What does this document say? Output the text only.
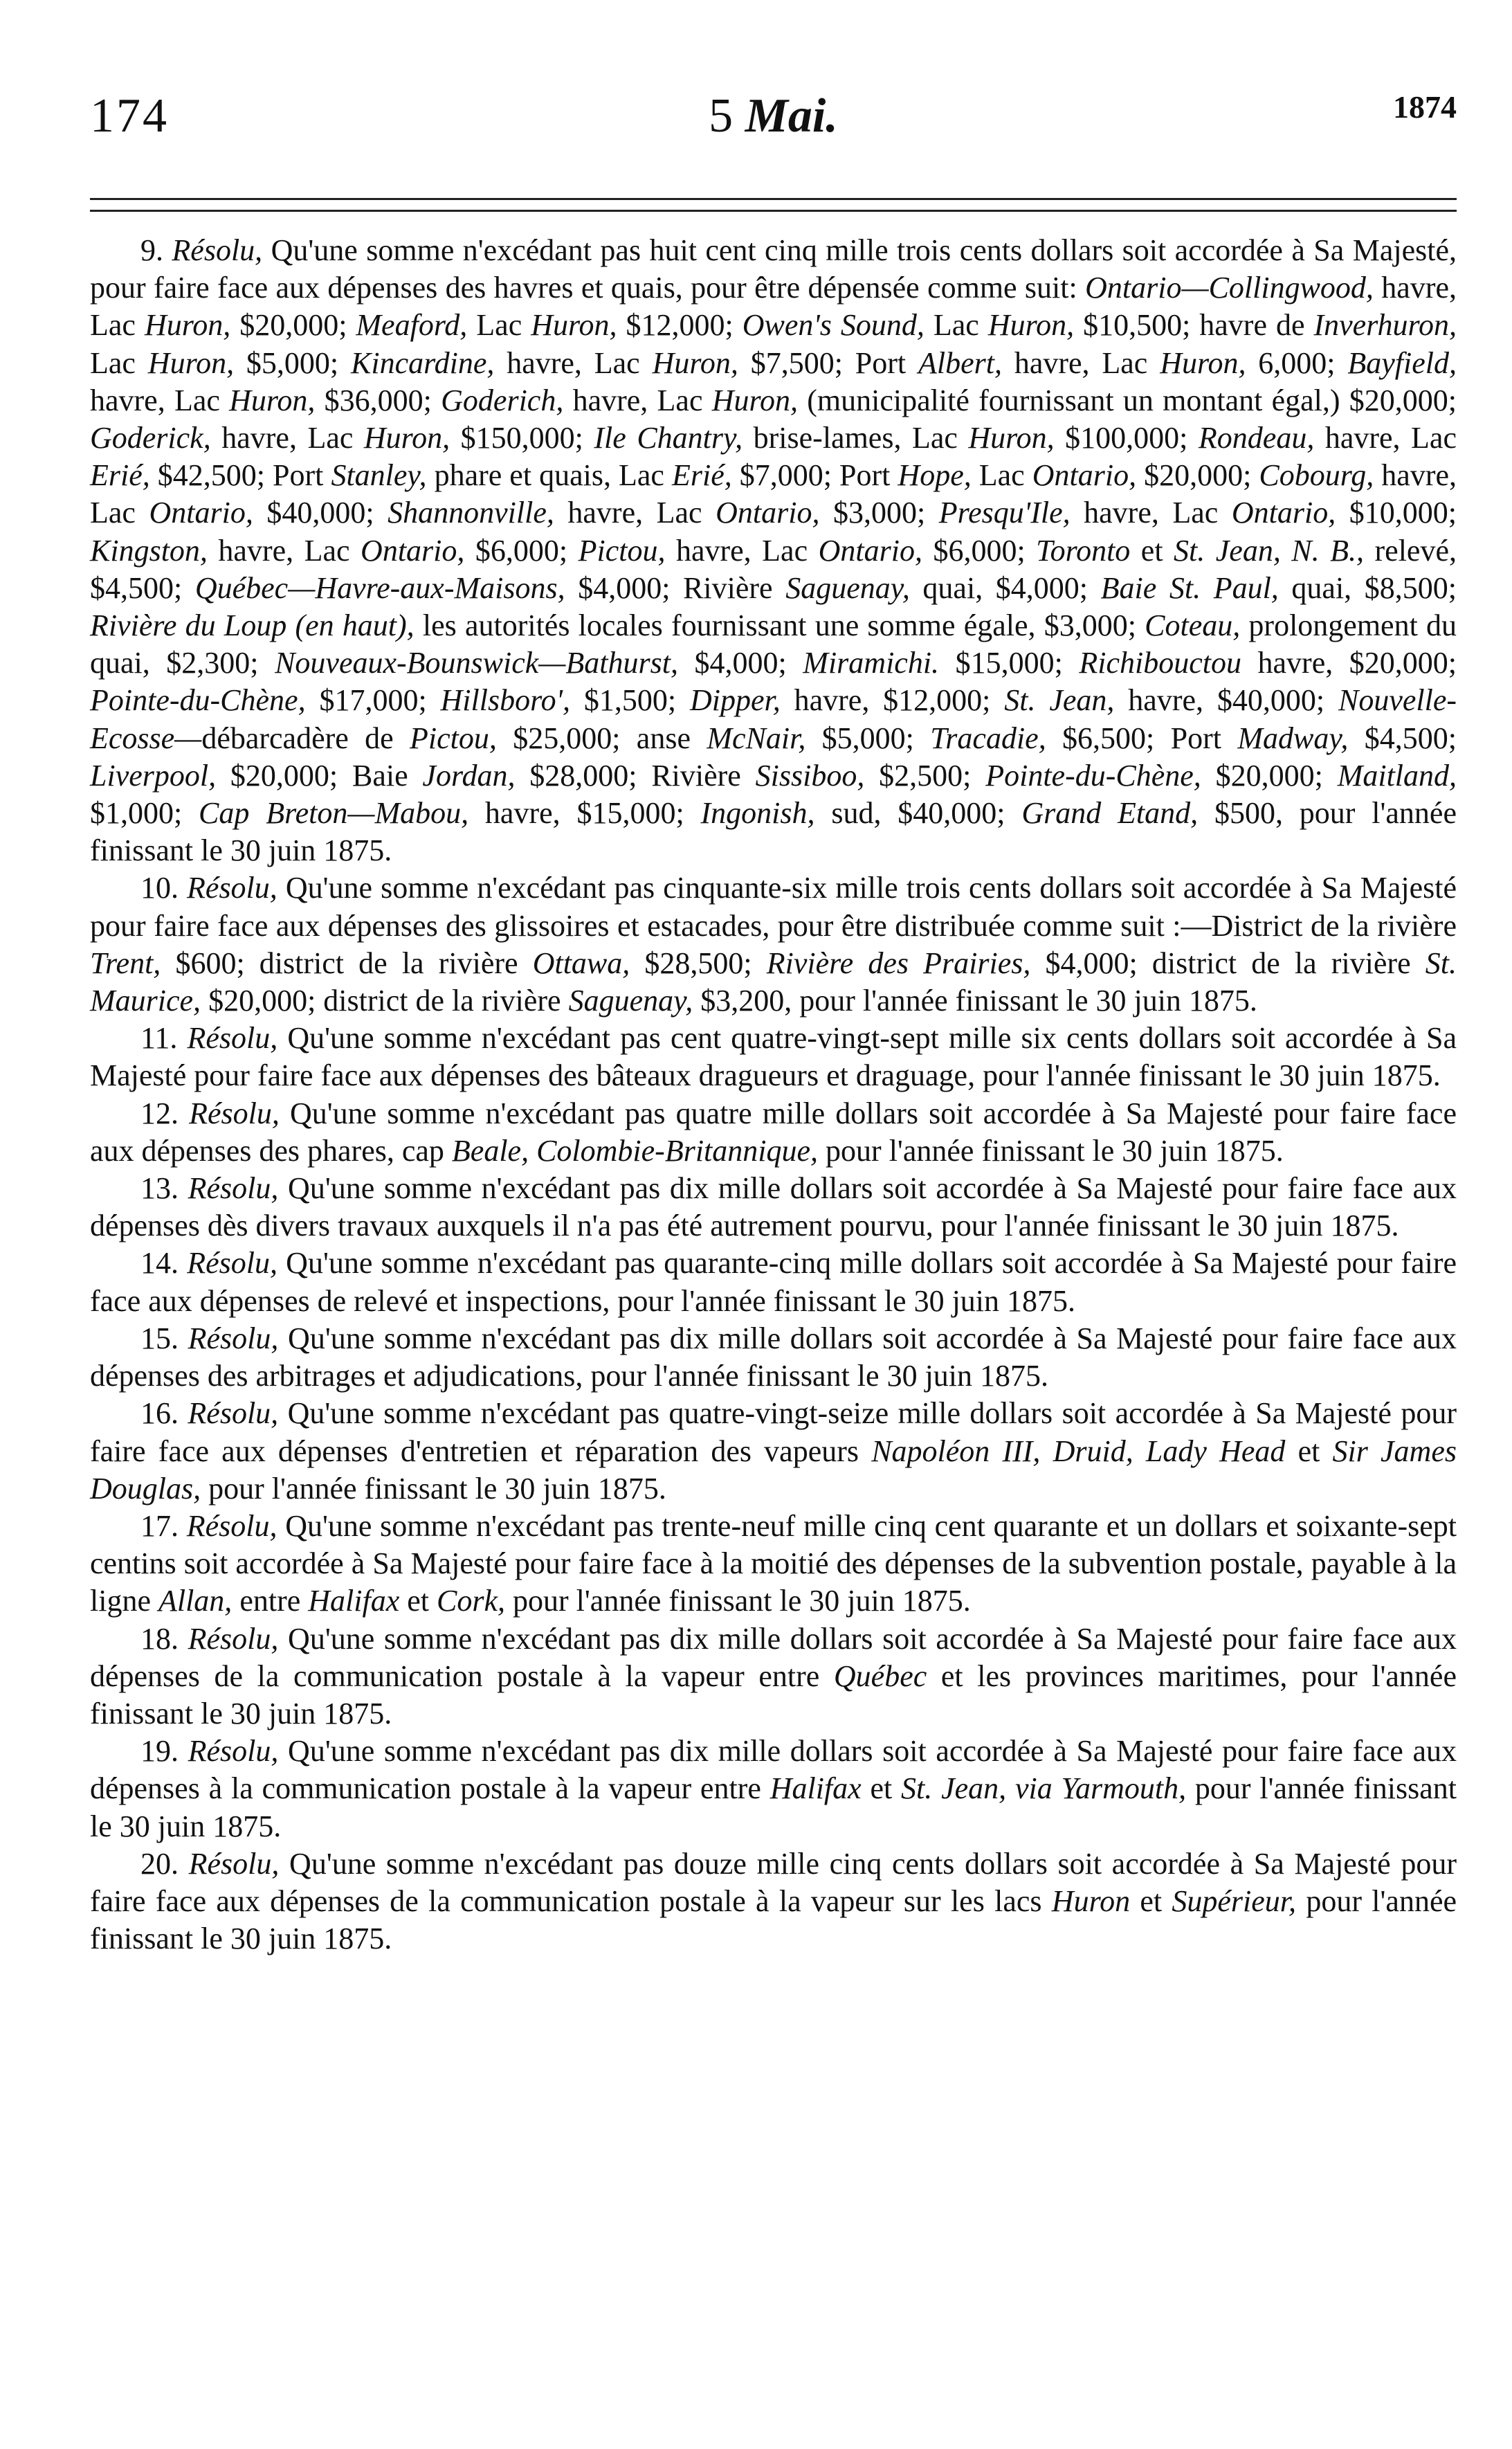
174	5 Mai.	1874

9. Résolu, Qu'une somme n'excédant pas huit cent cinq mille trois cents dollars soit accordée à Sa Majesté, pour faire face aux dépenses des havres et quais, pour être dépensée comme suit: Ontario—Collingwood, havre, Lac Huron, $20,000; Meaford, Lac Huron, $12,000; Owen's Sound, Lac Huron, $10,500; havre de Inverhuron, Lac Huron, $5,000; Kincardine, havre, Lac Huron, $7,500; Port Albert, havre, Lac Huron, 6,000; Bayfield, havre, Lac Huron, $36,000; Goderich, havre, Lac Huron, (municipalité fournissant un montant égal,) $20,000; Goderick, havre, Lac Huron, $150,000; Ile Chantry, brise-lames, Lac Huron, $100,000; Rondeau, havre, Lac Erié, $42,500; Port Stanley, phare et quais, Lac Erié, $7,000; Port Hope, Lac Ontario, $20,000; Cobourg, havre, Lac Ontario, $40,000; Shannonville, havre, Lac Ontario, $3,000; Presqu'Ile, havre, Lac Ontario, $10,000; Kingston, havre, Lac Ontario, $6,000; Pictou, havre, Lac Ontario, $6,000; Toronto et St. Jean, N. B., relevé, $4,500; Québec—Havre-aux-Maisons, $4,000; Rivière Saguenay, quai, $4,000; Baie St. Paul, quai, $8,500; Rivière du Loup (en haut), les autorités locales fournissant une somme égale, $3,000; Coteau, prolongement du quai, $2,300; Nouveaux-Bounswick—Bathurst, $4,000; Miramichi. $15,000; Richibouctou havre, $20,000; Pointe-du-Chène, $17,000; Hillsboro', $1,500; Dipper, havre, $12,000; St. Jean, havre, $40,000; Nouvelle-Ecosse—débarcadère de Pictou, $25,000; anse McNair, $5,000; Tracadie, $6,500; Port Madway, $4,500; Liverpool, $20,000; Baie Jordan, $28,000; Rivière Sissiboo, $2,500; Pointe-du-Chène, $20,000; Maitland, $1,000; Cap Breton—Mabou, havre, $15,000; Ingonish, sud, $40,000; Grand Etand, $500, pour l'année finissant le 30 juin 1875.

10. Résolu, Qu'une somme n'excédant pas cinquante-six mille trois cents dollars soit accordée à Sa Majesté pour faire face aux dépenses des glissoires et estacades, pour être distribuée comme suit :—District de la rivière Trent, $600; district de la rivière Ottawa, $28,500; Rivière des Prairies, $4,000; district de la rivière St. Maurice, $20,000; district de la rivière Saguenay, $3,200, pour l'année finissant le 30 juin 1875.

11. Résolu, Qu'une somme n'excédant pas cent quatre-vingt-sept mille six cents dollars soit accordée à Sa Majesté pour faire face aux dépenses des bâteaux dragueurs et draguage, pour l'année finissant le 30 juin 1875.

12. Résolu, Qu'une somme n'excédant pas quatre mille dollars soit accordée à Sa Majesté pour faire face aux dépenses des phares, cap Beale, Colombie-Britannique, pour l'année finissant le 30 juin 1875.

13. Résolu, Qu'une somme n'excédant pas dix mille dollars soit accordée à Sa Majesté pour faire face aux dépenses dès divers travaux auxquels il n'a pas été autrement pourvu, pour l'année finissant le 30 juin 1875.

14. Résolu, Qu'une somme n'excédant pas quarante-cinq mille dollars soit accordée à Sa Majesté pour faire face aux dépenses de relevé et inspections, pour l'année finissant le 30 juin 1875.

15. Résolu, Qu'une somme n'excédant pas dix mille dollars soit accordée à Sa Majesté pour faire face aux dépenses des arbitrages et adjudications, pour l'année finissant le 30 juin 1875.

16. Résolu, Qu'une somme n'excédant pas quatre-vingt-seize mille dollars soit accordée à Sa Majesté pour faire face aux dépenses d'entretien et réparation des vapeurs Napoléon III, Druid, Lady Head et Sir James Douglas, pour l'année finissant le 30 juin 1875.

17. Résolu, Qu'une somme n'excédant pas trente-neuf mille cinq cent quarante et un dollars et soixante-sept centins soit accordée à Sa Majesté pour faire face à la moitié des dépenses de la subvention postale, payable à la ligne Allan, entre Halifax et Cork, pour l'année finissant le 30 juin 1875.

18. Résolu, Qu'une somme n'excédant pas dix mille dollars soit accordée à Sa Majesté pour faire face aux dépenses de la communication postale à la vapeur entre Québec et les provinces maritimes, pour l'année finissant le 30 juin 1875.

19. Résolu, Qu'une somme n'excédant pas dix mille dollars soit accordée à Sa Majesté pour faire face aux dépenses à la communication postale à la vapeur entre Halifax et St. Jean, via Yarmouth, pour l'année finissant le 30 juin 1875.

20. Résolu, Qu'une somme n'excédant pas douze mille cinq cents dollars soit accordée à Sa Majesté pour faire face aux dépenses de la communication postale à la vapeur sur les lacs Huron et Supérieur, pour l'année finissant le 30 juin 1875.
